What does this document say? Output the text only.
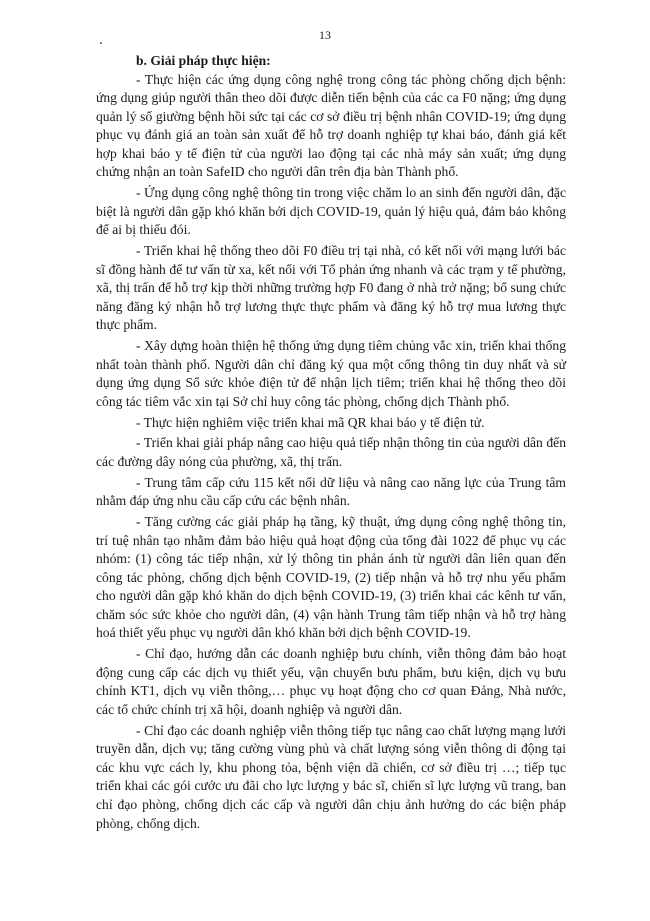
13

b. Giải pháp thực hiện:

- Thực hiện các ứng dụng công nghệ trong công tác phòng chống dịch bệnh: ứng dụng giúp người thân theo dõi được diễn tiến bệnh của các ca F0 nặng; ứng dụng quản lý số giường bệnh hồi sức tại các cơ sở điều trị bệnh nhân COVID-19; ứng dụng phục vụ đánh giá an toàn sản xuất để hỗ trợ doanh nghiệp tự khai báo, đánh giá kết hợp khai báo y tế điện tử của người lao động tại các nhà máy sản xuất; ứng dụng chứng nhận an toàn SafeID cho người dân trên địa bàn Thành phố.

- Ứng dụng công nghệ thông tin trong việc chăm lo an sinh đến người dân, đặc biệt là người dân gặp khó khăn bởi dịch COVID-19, quản lý hiệu quả, đảm bảo không để ai bị thiếu đói.

- Triển khai hệ thống theo dõi F0 điều trị tại nhà, có kết nối với mạng lưới bác sĩ đồng hành để tư vấn từ xa, kết nối với Tổ phản ứng nhanh và các trạm y tế phường, xã, thị trấn để hỗ trợ kịp thời những trường hợp F0 đang ở nhà trở nặng; bổ sung chức năng đăng ký nhận hỗ trợ lương thực thực phẩm và đăng ký hỗ trợ mua lương thực thực phẩm.

- Xây dựng hoàn thiện hệ thống ứng dụng tiêm chủng vắc xin, triển khai thống nhất toàn thành phố. Người dân chỉ đăng ký qua một cổng thông tin duy nhất và sử dụng ứng dụng Sổ sức khỏe điện tử để nhận lịch tiêm; triển khai hệ thống theo dõi công tác tiêm vắc xin tại Sở chỉ huy công tác phòng, chống dịch Thành phố.

- Thực hiện nghiêm việc triển khai mã QR khai báo y tế điện tử.

- Triển khai giải pháp nâng cao hiệu quả tiếp nhận thông tin của người dân đến các đường dây nóng của phường, xã, thị trấn.

- Trung tâm cấp cứu 115 kết nối dữ liệu và nâng cao năng lực của Trung tâm nhằm đáp ứng nhu cầu cấp cứu các bệnh nhân.

- Tăng cường các giải pháp hạ tầng, kỹ thuật, ứng dụng công nghệ thông tin, trí tuệ nhân tạo nhằm đảm bảo hiệu quả hoạt động của tổng đài 1022 để phục vụ các nhóm: (1) công tác tiếp nhận, xử lý thông tin phản ánh từ người dân liên quan đến công tác phòng, chống dịch bệnh COVID-19, (2) tiếp nhận và hỗ trợ nhu yếu phẩm cho người dân gặp khó khăn do dịch bệnh COVID-19, (3) triển khai các kênh tư vấn, chăm sóc sức khỏe cho người dân, (4) vận hành Trung tâm tiếp nhận và hỗ trợ hàng hoá thiết yếu phục vụ người dân khó khăn bởi dịch bệnh COVID-19.

- Chỉ đạo, hướng dẫn các doanh nghiệp bưu chính, viễn thông đảm bảo hoạt động cung cấp các dịch vụ thiết yếu, vận chuyển bưu phẩm, bưu kiện, dịch vụ bưu chính KT1, dịch vụ viễn thông,… phục vụ hoạt động cho cơ quan Đảng, Nhà nước, các tổ chức chính trị xã hội, doanh nghiệp và người dân.

- Chỉ đạo các doanh nghiệp viễn thông tiếp tục nâng cao chất lượng mạng lưới truyền dẫn, dịch vụ; tăng cường vùng phủ và chất lượng sóng viễn thông di động tại các khu vực cách ly, khu phong tỏa, bệnh viện dã chiến, cơ sở điều trị …; tiếp tục triển khai các gói cước ưu đãi cho lực lượng y bác sĩ, chiến sĩ lực lượng vũ trang, ban chỉ đạo phòng, chống dịch các cấp và người dân chịu ảnh hưởng do các biện pháp phòng, chống dịch.
